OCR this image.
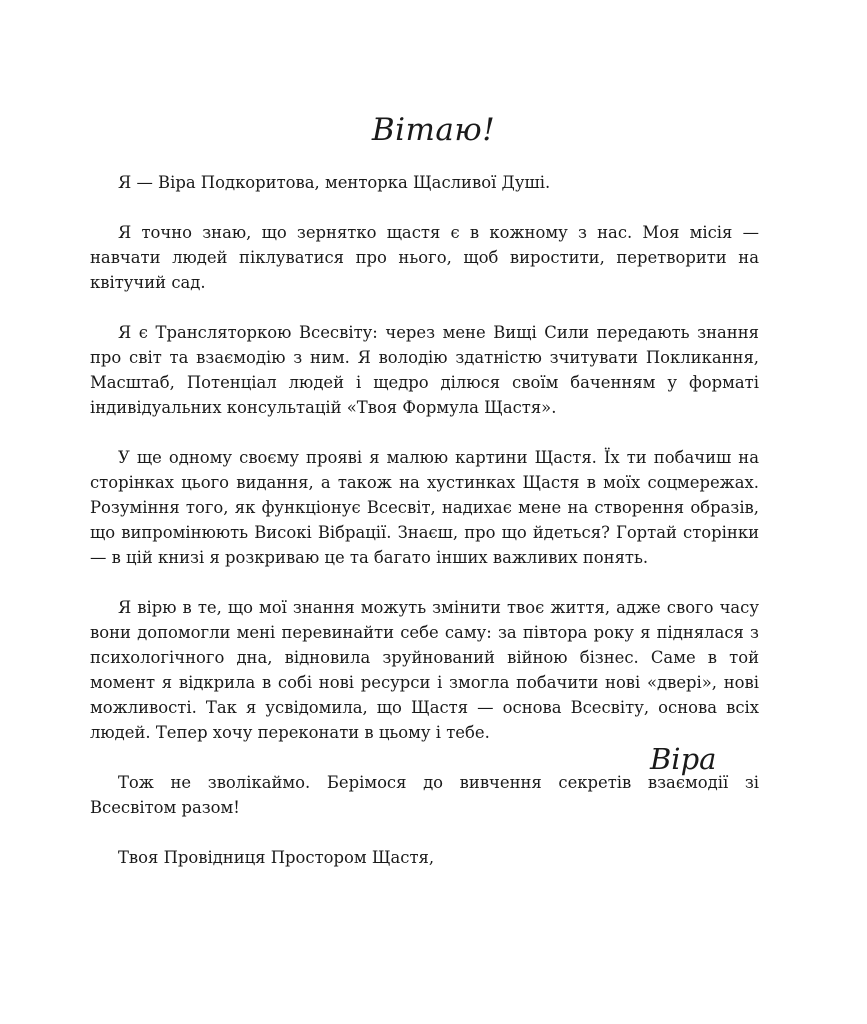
Вітаю!

Я — Віра Подкоритова, менторка Щасливої Душі.

Я точно знаю, що зернятко щастя є в кожному з нас. Моя місія — навчати людей піклуватися про нього, щоб виростити, перетворити на квітучий сад.

Я є Трансляторкою Всесвіту: через мене Вищі Сили передають знання про світ та взаємодію з ним. Я володію здатністю зчитувати Покликання, Масштаб, Потенціал людей і щедро ділюся своїм баченням у форматі індивідуальних консультацій «Твоя Формула Щастя».

У ще одному своєму прояві я малюю картини Щастя. Їх ти побачиш на сторінках цього видання, а також на хустинках Щастя в моїх соцмережах. Розуміння того, як функціонує Всесвіт, надихає мене на створення образів, що випромінюють Високі Вібрації. Знаєш, про що йдеться? Гортай сторінки — в цій книзі я розкриваю це та багато інших важливих понять.

Я вірю в те, що мої знання можуть змінити твоє життя, адже свого часу вони допомогли мені перевинайти себе саму: за півтора року я піднялася з психологічного дна, відновила зруйнований війною бізнес. Саме в той момент я відкрила в собі нові ресурси і змогла побачити нові «двері», нові можливості. Так я усвідомила, що Щастя — основа Всесвіту, основа всіх людей. Тепер хочу переконати в цьому і тебе.

Тож не зволікаймо. Берімося до вивчення секретів взаємодії зі Всесвітом разом!

Твоя Провідниця Простором Щастя,

Віра
